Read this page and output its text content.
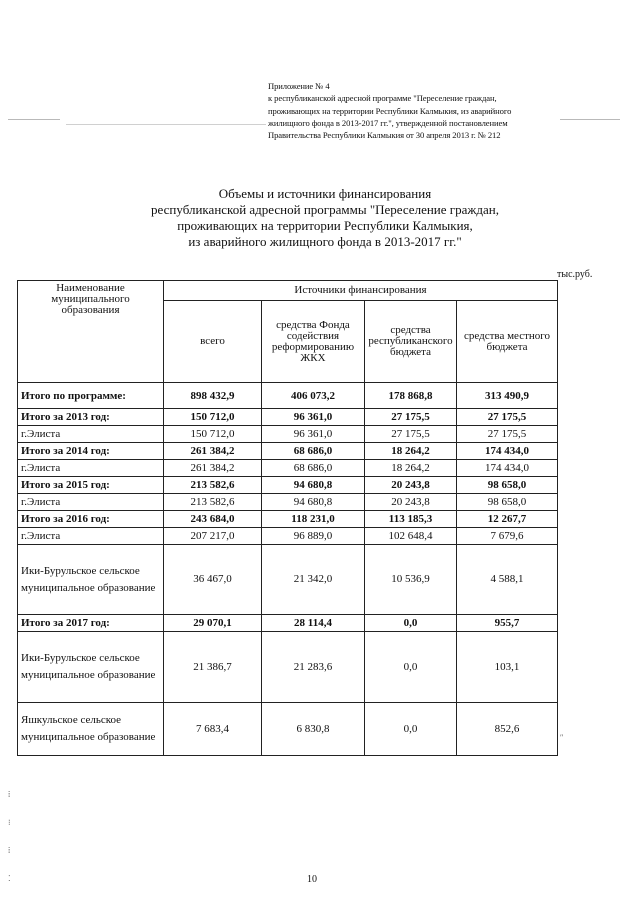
Приложение № 4
к республиканской адресной программе "Переселение граждан,
проживающих на территории Республики Калмыкия, из аварийного
жилищного фонда в 2013-2017 гг.", утвержденной постановлением
Правительства Республики Калмыкия от 30 апреля 2013 г. № 212
Объемы и источники финансирования
республиканской адресной программы "Переселение граждан,
проживающих на территории Республики Калмыкия,
из аварийного жилищного фонда в 2013-2017 гг."
тыс.руб.
Наименование муниципального образования	Источники финансирования			
	всего	средства Фонда содействия реформированию ЖКХ	средства республиканского бюджета	средства местного бюджета
Итого по программе:	898 432,9	406 073,2	178 868,8	313 490,9
Итого за 2013 год:	150 712,0	96 361,0	27 175,5	27 175,5
г.Элиста	150 712,0	96 361,0	27 175,5	27 175,5
Итого за 2014 год:	261 384,2	68 686,0	18 264,2	174 434,0
г.Элиста	261 384,2	68 686,0	18 264,2	174 434,0
Итого за 2015 год:	213 582,6	94 680,8	20 243,8	98 658,0
г.Элиста	213 582,6	94 680,8	20 243,8	98 658,0
Итого за 2016 год:	243 684,0	118 231,0	113 185,3	12 267,7
г.Элиста	207 217,0	96 889,0	102 648,4	7 679,6
Ики-Бурульское сельское муниципальное образование	36 467,0	21 342,0	10 536,9	4 588,1
Итого за 2017 год:	29 070,1	28 114,4	0,0	955,7
Ики-Бурульское сельское муниципальное образование	21 386,7	21 283,6	0,0	103,1
Яшкульское сельское муниципальное образование	7 683,4	6 830,8	0,0	852,6
″
⁞
⁝
⁞
⁚	10
